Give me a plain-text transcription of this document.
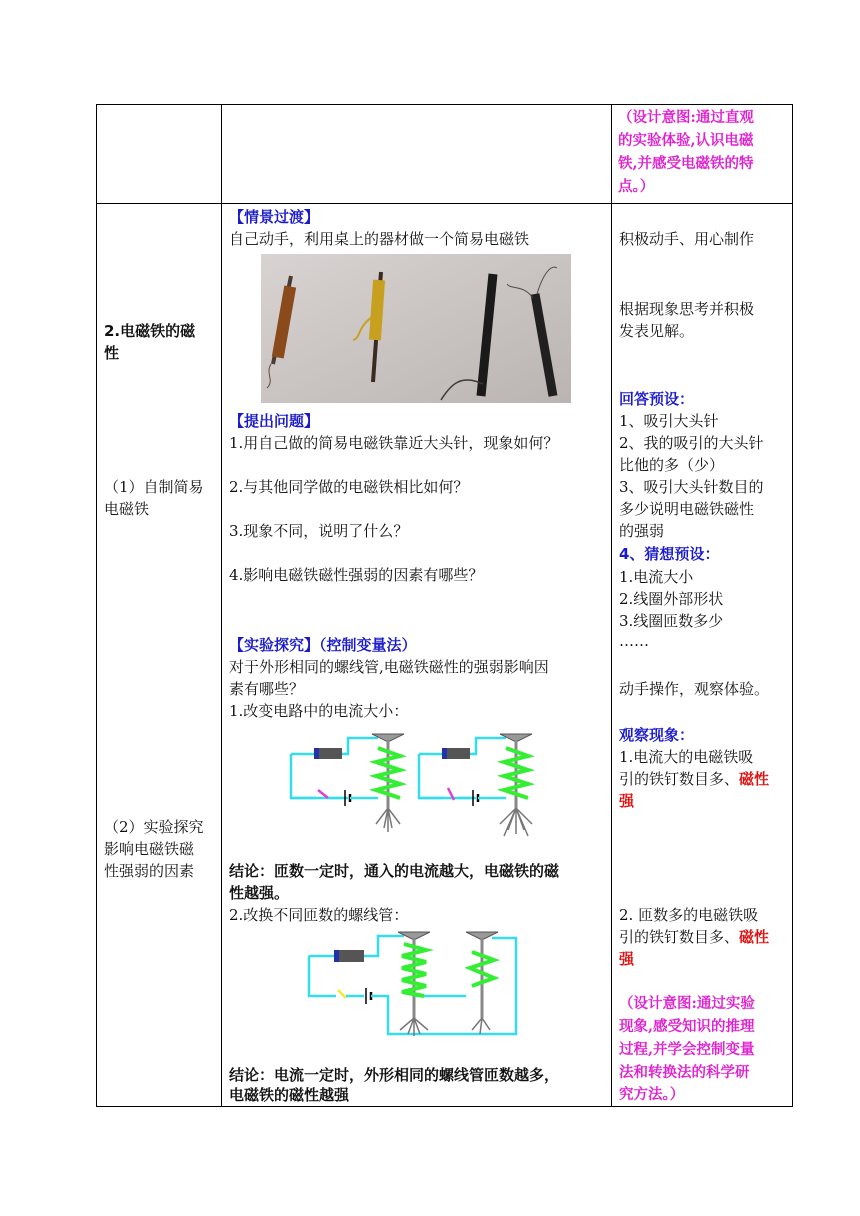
（设计意图:通过直观
的实验体验,认识电磁
铁,并感受电磁铁的特
点。）
2.电磁铁的磁
性
（1）自制简易
电磁铁
（2）实验探究
影响电磁铁磁
性强弱的因素
【情景过渡】
自己动手，利用桌上的器材做一个简易电磁铁
【提出问题】
1.用自己做的简易电磁铁靠近大头针，现象如何？
2.与其他同学做的电磁铁相比如何？
3.现象不同，说明了什么？
4.影响电磁铁磁性强弱的因素有哪些？
【实验探究】（控制变量法）
对于外形相同的螺线管,电磁铁磁性的强弱影响因
素有哪些？
1.改变电路中的电流大小：
结论：匝数一定时，通入的电流越大，电磁铁的磁
性越强。
2.改换不同匝数的螺线管：
结论：电流一定时，外形相同的螺线管匝数越多，
电磁铁的磁性越强
积极动手、用心制作
根据现象思考并积极
发表见解。
回答预设：
1、吸引大头针
2、我的吸引的大头针
比他的多（少）
3、吸引大头针数目的
多少说明电磁铁磁性
的强弱
4、猜想预设：
1.电流大小
2.线圈外部形状
3.线圈匝数多少
……
动手操作，观察体验。
观察现象：
1.电流大的电磁铁吸
引的铁钉数目多、磁性
强
2. 匝数多的电磁铁吸
引的铁钉数目多、磁性
强
（设计意图:通过实验
现象,感受知识的推理
过程,并学会控制变量
法和转换法的科学研
究方法。）
